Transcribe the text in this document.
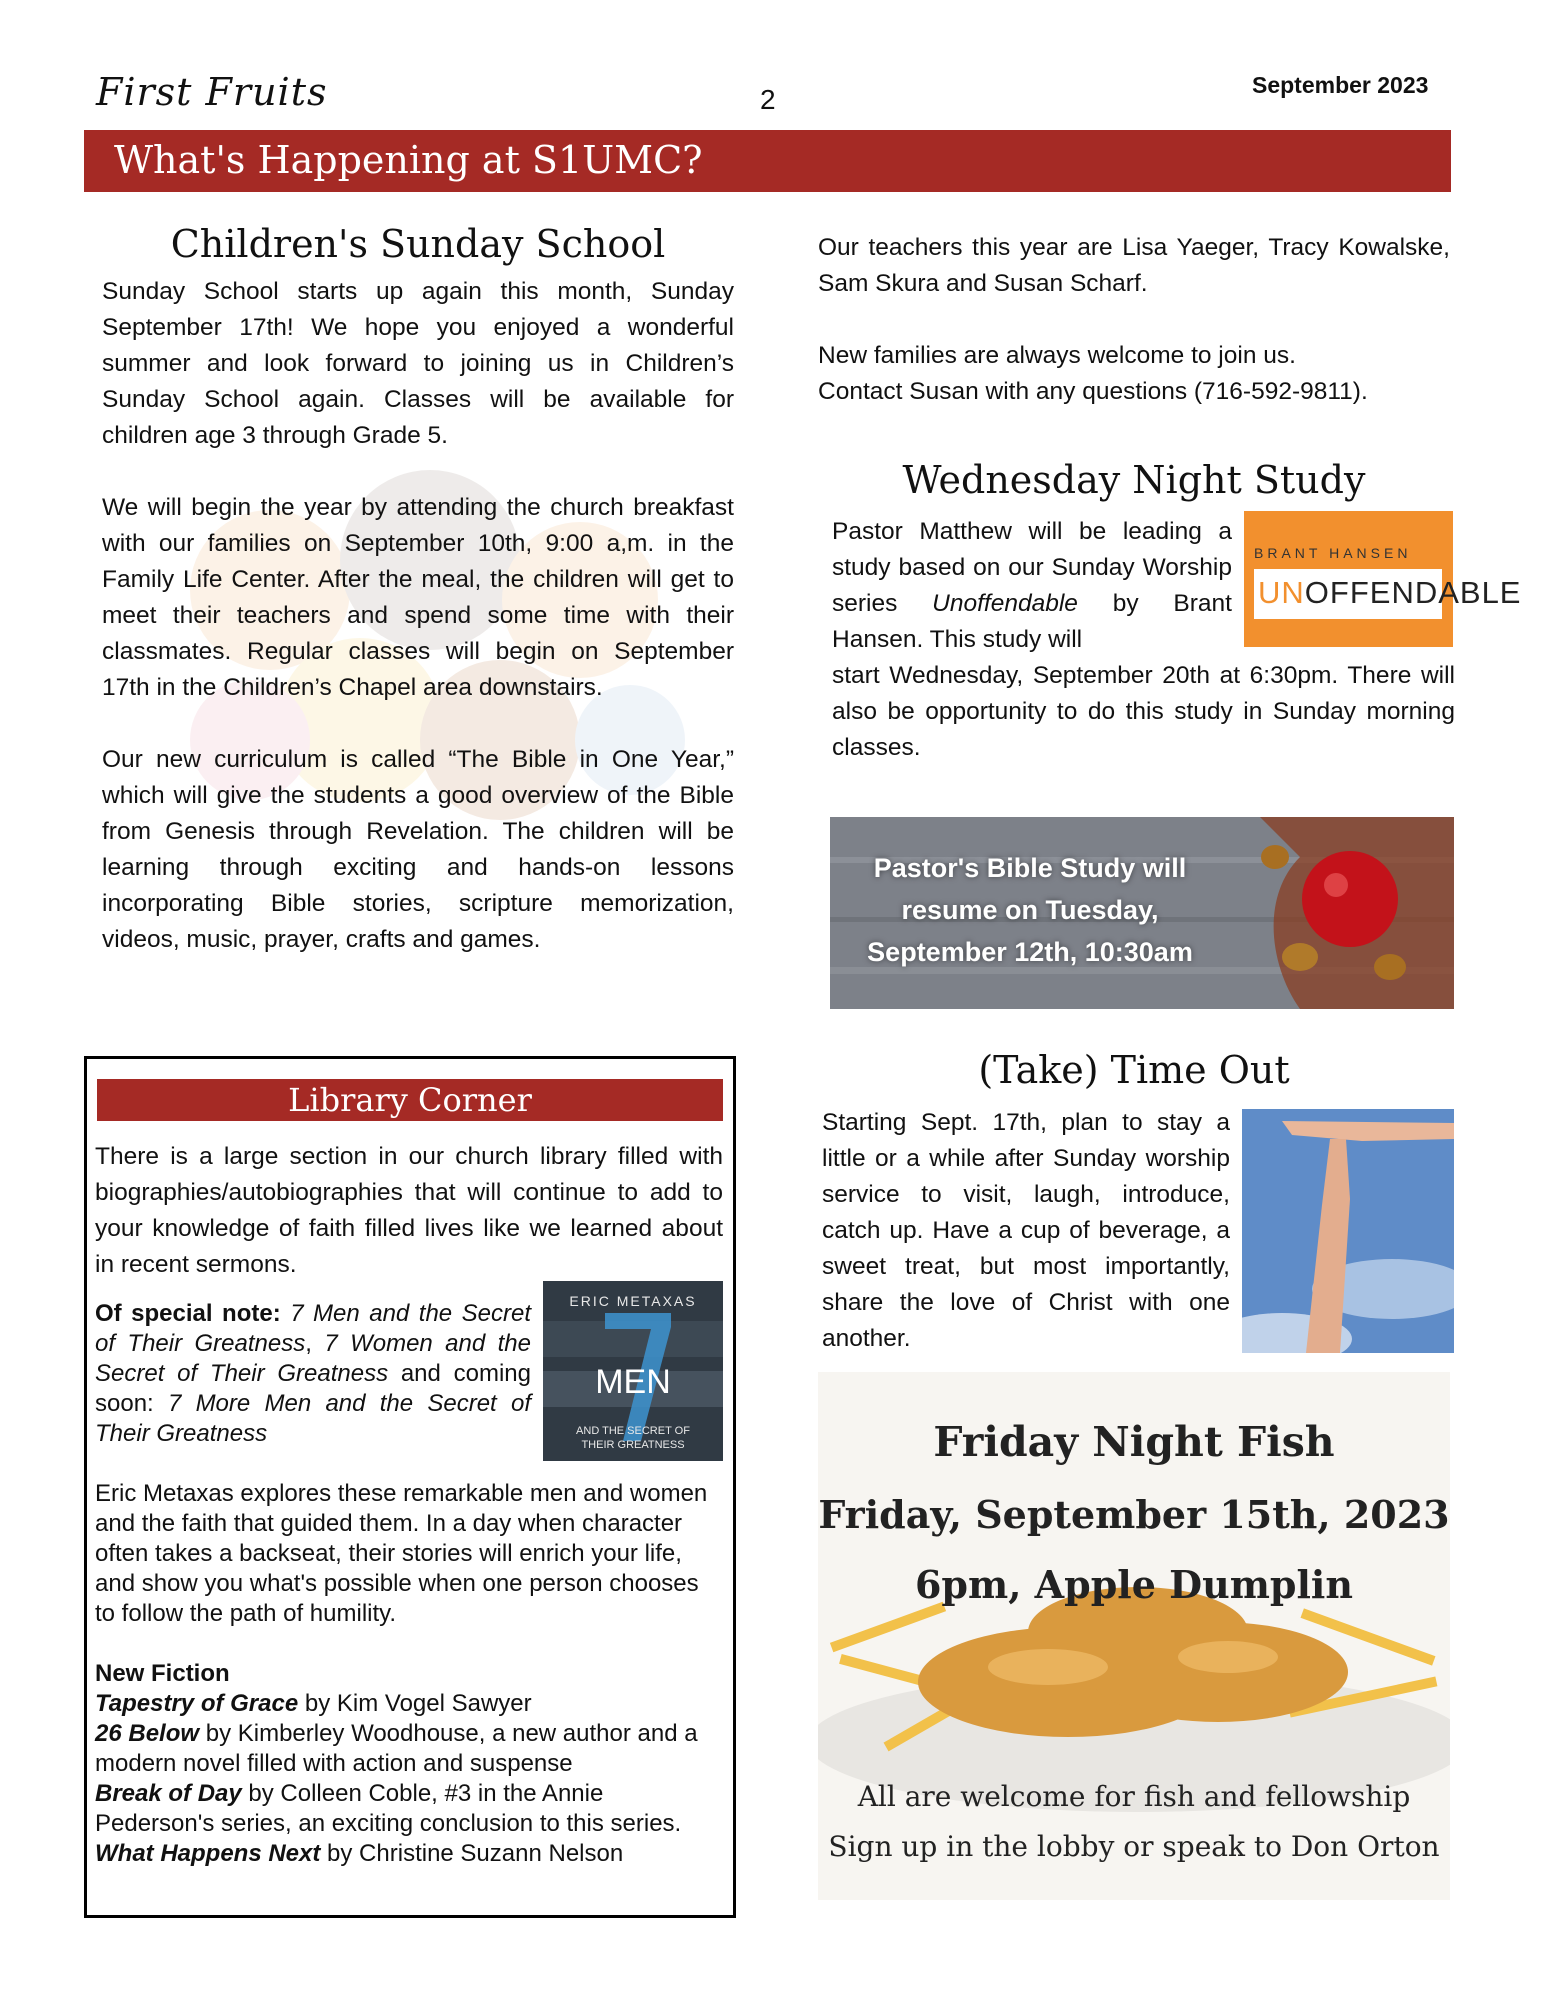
First Fruits	2	September 2023
What's Happening at S1UMC?
Children's Sunday School

Sunday School starts up again this month, Sunday September 17th! We hope you enjoyed a wonderful summer and look forward to joining us in Children’s Sunday School again. Classes will be available for children age 3 through Grade 5.

We will begin the year by attending the church breakfast with our families on September 10th, 9:00 a,m. in the Family Life Center. After the meal, the children will get to meet their teachers and spend some time with their classmates. Regular classes will begin on September 17th in the Children’s Chapel area downstairs.

Our new curriculum is called “The Bible in One Year,” which will give the students a good overview of the Bible from Genesis through Revelation. The children will be learning through exciting and hands-on lessons incorporating Bible stories, scripture memorization, videos, music, prayer, crafts and games.

Library Corner
There is a large section in our church library filled with biographies/autobiographies that will continue to add to your knowledge of faith filled lives like we learned about in recent sermons.
ERIC METAXAS
MEN
AND THE SECRET OF
THEIR GREATNESS
Of special note: 7 Men and the Secret of Their Greatness, 7 Women and the Secret of Their Greatness and coming soon: 7 More Men and the Secret of Their Greatness
Eric Metaxas explores these remarkable men and women and the faith that guided them. In a day when character often takes a backseat, their stories will enrich your life, and show you what's possible when one person chooses to follow the path of humility.
New Fiction
Tapestry of Grace by Kim Vogel Sawyer
26 Below by Kimberley Woodhouse, a new author and a modern novel filled with action and suspense
Break of Day by Colleen Coble, #3 in the Annie Pederson's series, an exciting conclusion to this series.
What Happens Next by Christine Suzann Nelson
Our teachers this year are Lisa Yaeger, Tracy Kowalske, Sam Skura and Susan Scharf.
New families are always welcome to join us.
Contact Susan with any questions (716-592-9811).
Wednesday Night Study
Pastor Matthew will be leading a study based on our Sunday Worship series Unoffendable by Brant Hansen. This study will
start Wednesday, September 20th at 6:30pm. There will also be opportunity to do this study in Sunday morning classes.
BRANT HANSEN
UNOFFENDABLE
Pastor's Bible Study will
resume on Tuesday,
September 12th, 10:30am
(Take) Time Out
Starting Sept. 17th, plan to stay a little or a while after Sunday worship service to visit, laugh, introduce, catch up. Have a cup of beverage, a sweet treat, but most importantly, share the love of Christ with one another.
Friday Night Fish
Friday, September 15th, 2023
6pm, Apple Dumplin
All are welcome for fish and fellowship
Sign up in the lobby or speak to Don Orton
